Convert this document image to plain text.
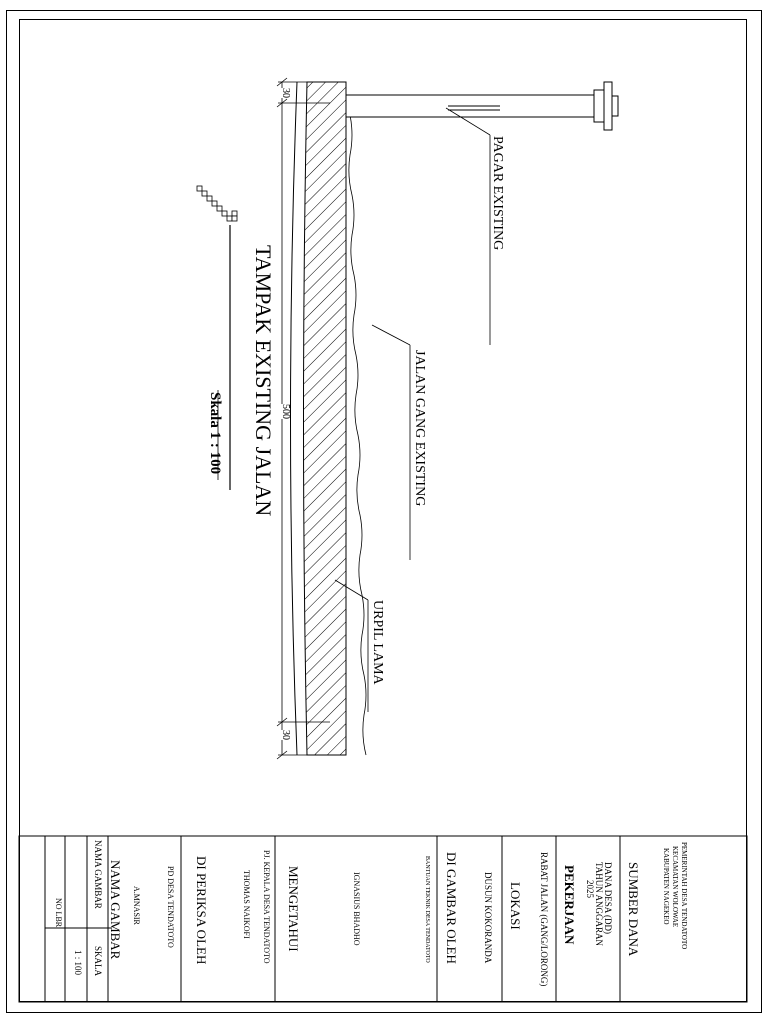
TAMPAK EXISTING JALAN
Skala 1 : 100
PAGAR EXISTING
JALAN GANG EXISTING
URPIL LAMA
30
500
30
PEMERINTAH DESA TENDATOTO
KECAMATAN WOLOWAE
KABUPATEN NAGEKEO
SUMBER DANA
DANA DESA (DD)
TAHUN ANGGARAN
2025
PEKERJAAN
RABAT JALAN (GANG/LORONG)
LOKASI
DUSUN KOKORANDA
DI GAMBAR OLEH
BANTUAN TEKNIK DESA TENDATOTO
IGNASIUS BHADHO
MENGETAHUI
PJ. KEPALA DESA TENDATOTO
THOMAS NAIKOFI
DI PERIKSA OLEH
PD DESA TENDATOTO
A.MNASIR
NAMA GAMBAR
NAMA GAMBAR
SKALA
1 : 100
NO LBR
